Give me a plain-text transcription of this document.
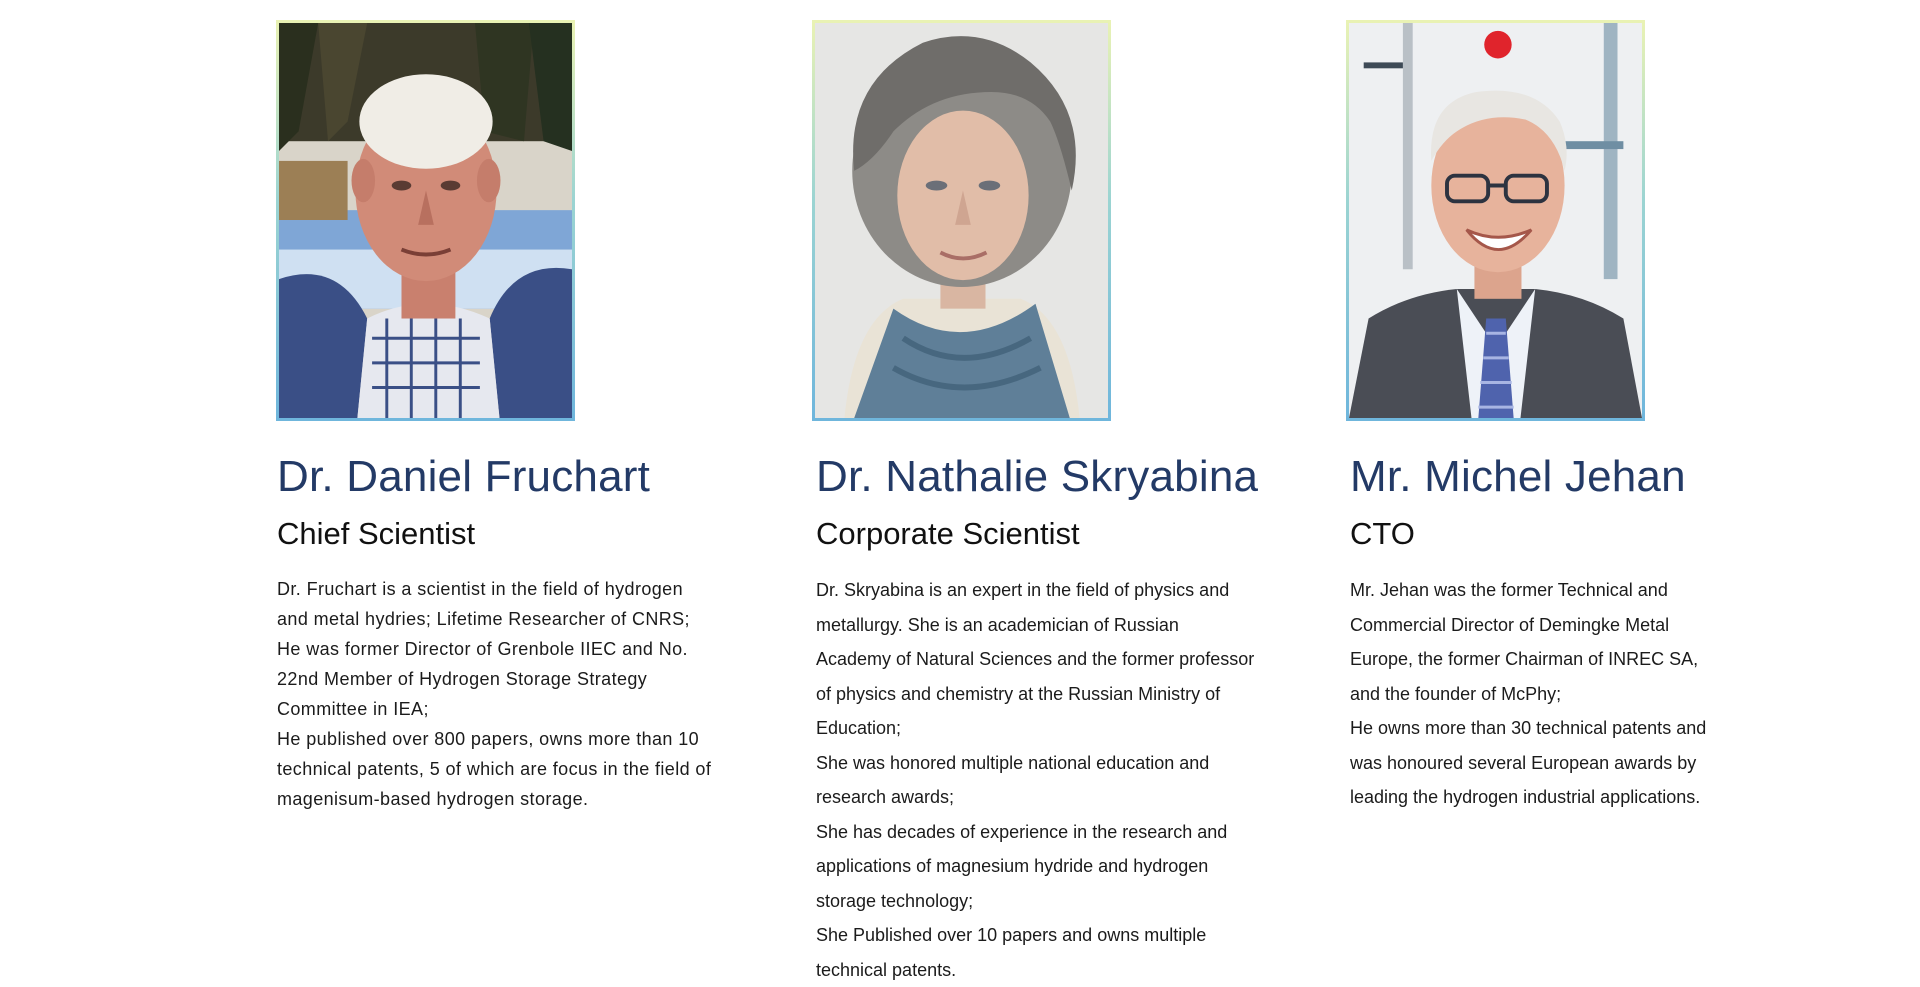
Dr. Daniel Fruchart
Chief Scientist

Dr. Fruchart is a scientist in the field of hydrogen and metal hydries; Lifetime Researcher of CNRS;

He was former Director of Grenbole IIEC and No. 22nd Member of Hydrogen Storage Strategy Committee in IEA;

He published over 800 papers, owns more than 10 technical patents, 5 of which are focus in the field of magenisum-based hydrogen storage.

Dr. Nathalie Skryabina
Corporate Scientist

Dr. Skryabina is an expert in the field of physics and metallurgy. She is an academician of Russian Academy of Natural Sciences and the former professor of physics and chemistry at the Russian Ministry of Education;

She was honored multiple national education and research awards;

She has decades of experience in the research and applications of magnesium hydride and hydrogen storage technology;

She Published over 10 papers and owns multiple technical patents.

Mr. Michel Jehan
CTO

Mr. Jehan was the former Technical and Commercial Director of Demingke Metal Europe, the former Chairman of INREC SA, and the founder of McPhy;

He owns more than 30 technical patents and was honoured several European awards by leading the hydrogen industrial applications.
